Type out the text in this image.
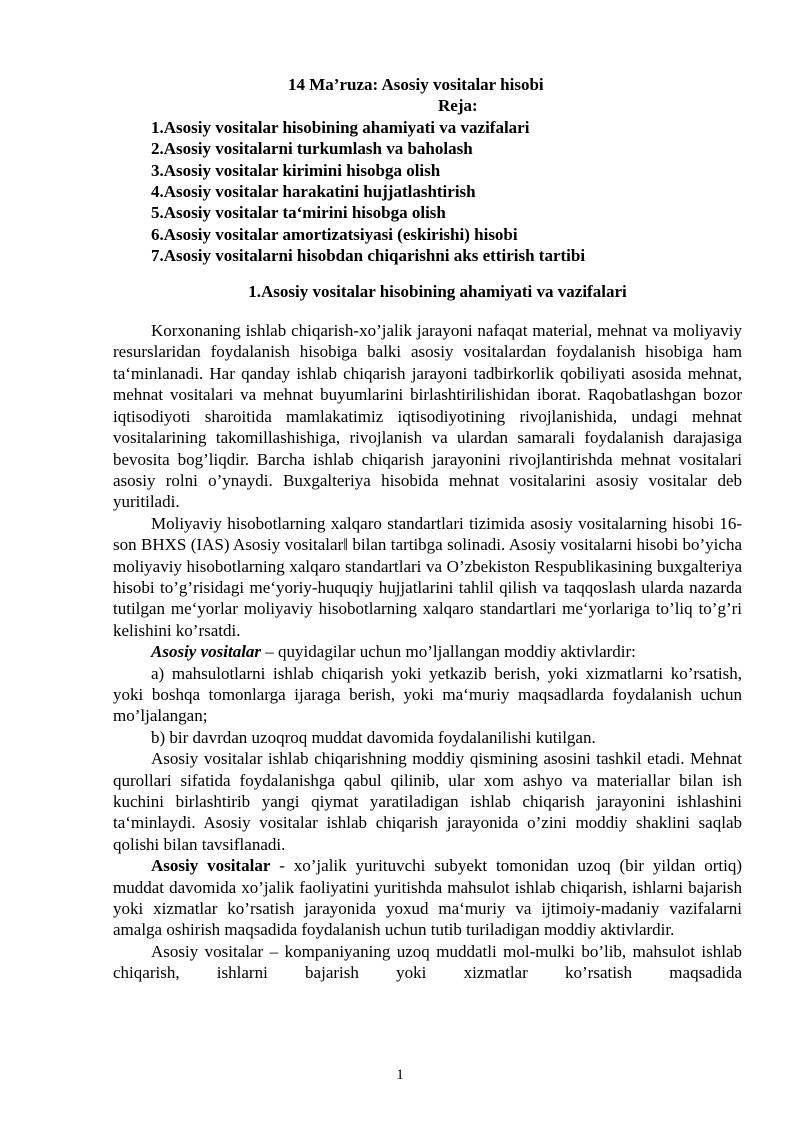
14 Ma’ruza: Asosiy vositalar hisobi

Reja:

1.Asosiy vositalar hisobining ahamiyati va vazifalari
2.Asosiy vositalarni turkumlash va baholash
3.Asosiy vositalar kirimini hisobga olish
4.Asosiy vositalar harakatini hujjatlashtirish
5.Asosiy vositalar ta‘mirini hisobga olish
6.Asosiy vositalar amortizatsiyasi (eskirishi) hisobi
7.Asosiy vositalarni hisobdan chiqarishni aks ettirish tartibi

1.Asosiy vositalar hisobining ahamiyati va vazifalari

Korxonaning ishlab chiqarish-xo’jalik jarayoni nafaqat material, mehnat va moliyaviy resurslaridan foydalanish hisobiga balki asosiy vositalardan foydalanish hisobiga ham ta‘minlanadi. Har qanday ishlab chiqarish jarayoni tadbirkorlik qobiliyati asosida mehnat, mehnat vositalari va mehnat buyumlarini birlashtirilishidan iborat. Raqobatlashgan bozor iqtisodiyoti sharoitida mamlakatimiz iqtisodiyotining rivojlanishida, undagi mehnat vositalarining takomillashishiga, rivojlanish va ulardan samarali foydalanish darajasiga bevosita bog’liqdir. Barcha ishlab chiqarish jarayonini rivojlantirishda mehnat vositalari asosiy rolni o’ynaydi. Buxgalteriya hisobida mehnat vositalarini asosiy vositalar deb yuritiladi.

Moliyaviy hisobotlarning xalqaro standartlari tizimida asosiy vositalarning hisobi 16-son BHXS (IAS) Asosiy vositalar‖ bilan tartibga solinadi. Asosiy vositalarni hisobi bo’yicha moliyaviy hisobotlarning xalqaro standartlari va O’zbekiston Respublikasining buxgalteriya hisobi to’g’risidagi me‘yoriy-huquqiy hujjatlarini tahlil qilish va taqqoslash ularda nazarda tutilgan me‘yorlar moliyaviy hisobotlarning xalqaro standartlari me‘yorlariga to’liq to’g’ri kelishini ko’rsatdi.

Asosiy vositalar – quyidagilar uchun mo’ljallangan moddiy aktivlardir:

a) mahsulotlarni ishlab chiqarish yoki yetkazib berish, yoki xizmatlarni ko’rsatish, yoki boshqa tomonlarga ijaraga berish, yoki ma‘muriy maqsadlarda foydalanish uchun mo’ljalangan;

b) bir davrdan uzoqroq muddat davomida foydalanilishi kutilgan.

Asosiy vositalar ishlab chiqarishning moddiy qismining asosini tashkil etadi. Mehnat qurollari sifatida foydalanishga qabul qilinib, ular xom ashyo va materiallar bilan ish kuchini birlashtirib yangi qiymat yaratiladigan ishlab chiqarish jarayonini ishlashini ta‘minlaydi. Asosiy vositalar ishlab chiqarish jarayonida o’zini moddiy shaklini saqlab qolishi bilan tavsiflanadi.

Asosiy vositalar - xo’jalik yurituvchi subyekt tomonidan uzoq (bir yildan ortiq) muddat davomida xo’jalik faoliyatini yuritishda mahsulot ishlab chiqarish, ishlarni bajarish yoki xizmatlar ko’rsatish jarayonida yoxud ma‘muriy va ijtimoiy-madaniy vazifalarni amalga oshirish maqsadida foydalanish uchun tutib turiladigan moddiy aktivlardir.

Asosiy vositalar – kompaniyaning uzoq muddatli mol-mulki bo’lib, mahsulot ishlab chiqarish, ishlarni bajarish yoki xizmatlar ko’rsatish maqsadida

1
